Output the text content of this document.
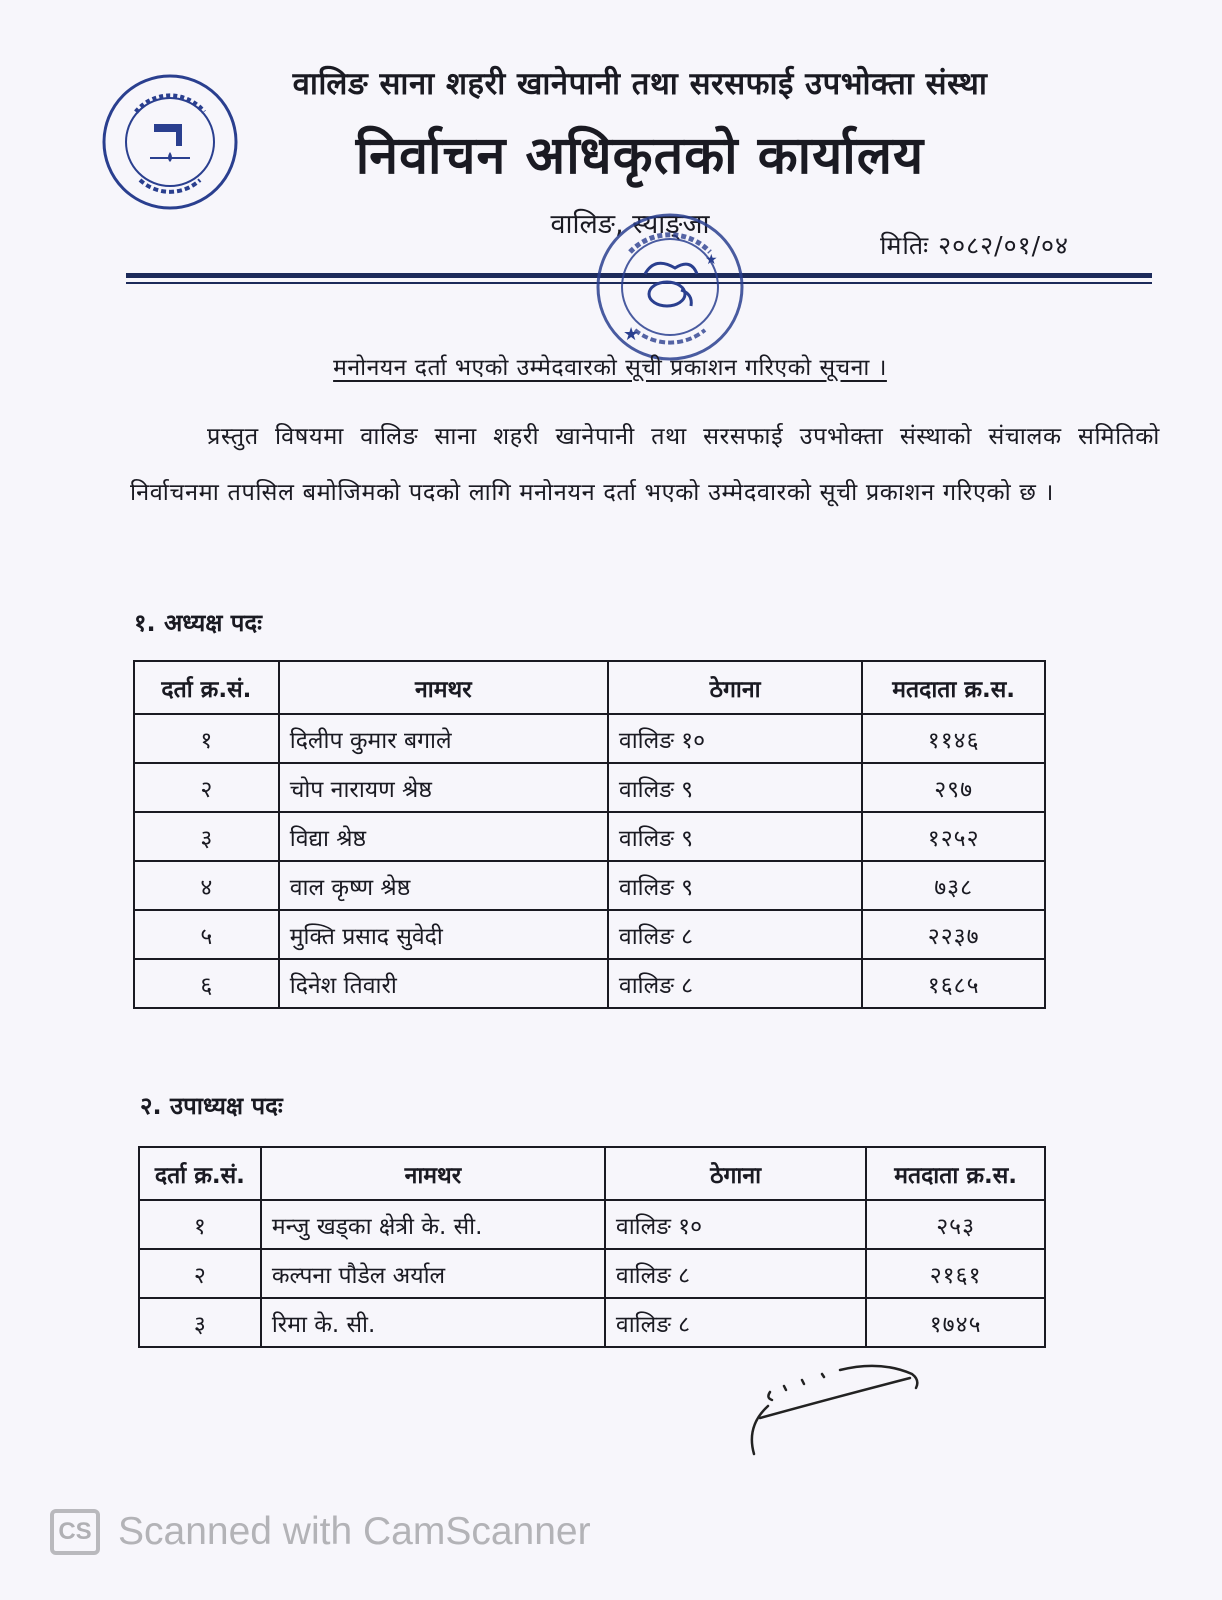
वालिङ साना शहरी खानेपानी तथा सरसफाई उपभोक्ता संस्था
निर्वाचन अधिकृतको कार्यालय
वालिङ, स्याङ्जा
मितिः २०८२/०१/०४
★
★
मनोनयन दर्ता भएको उम्मेदवारको सूची प्रकाशन गरिएको सूचना ।
प्रस्तुत विषयमा वालिङ साना शहरी खानेपानी तथा सरसफाई उपभोक्ता संस्थाको संचालक समितिको निर्वाचनमा तपसिल बमोजिमको पदको लागि मनोनयन दर्ता भएको उम्मेदवारको सूची प्रकाशन गरिएको छ ।
१. अध्यक्ष पदः
दर्ता क्र.सं.	नामथर	ठेगाना	मतदाता क्र.स.
१	दिलीप कुमार बगाले	वालिङ १०	११४६
२	चोप नारायण श्रेष्ठ	वालिङ ९	२९७
३	विद्या श्रेष्ठ	वालिङ ९	१२५२
४	वाल कृष्ण श्रेष्ठ	वालिङ ९	७३८
५	मुक्ति प्रसाद सुवेदी	वालिङ ८	२२३७
६	दिनेश तिवारी	वालिङ ८	१६८५
२. उपाध्यक्ष पदः
दर्ता क्र.सं.	नामथर	ठेगाना	मतदाता क्र.स.
१	मन्जु खड्का क्षेत्री के. सी.	वालिङ १०	२५३
२	कल्पना पौडेल अर्याल	वालिङ ८	२१६१
३	रिमा के. सी.	वालिङ ८	१७४५
CS Scanned with CamScanner
